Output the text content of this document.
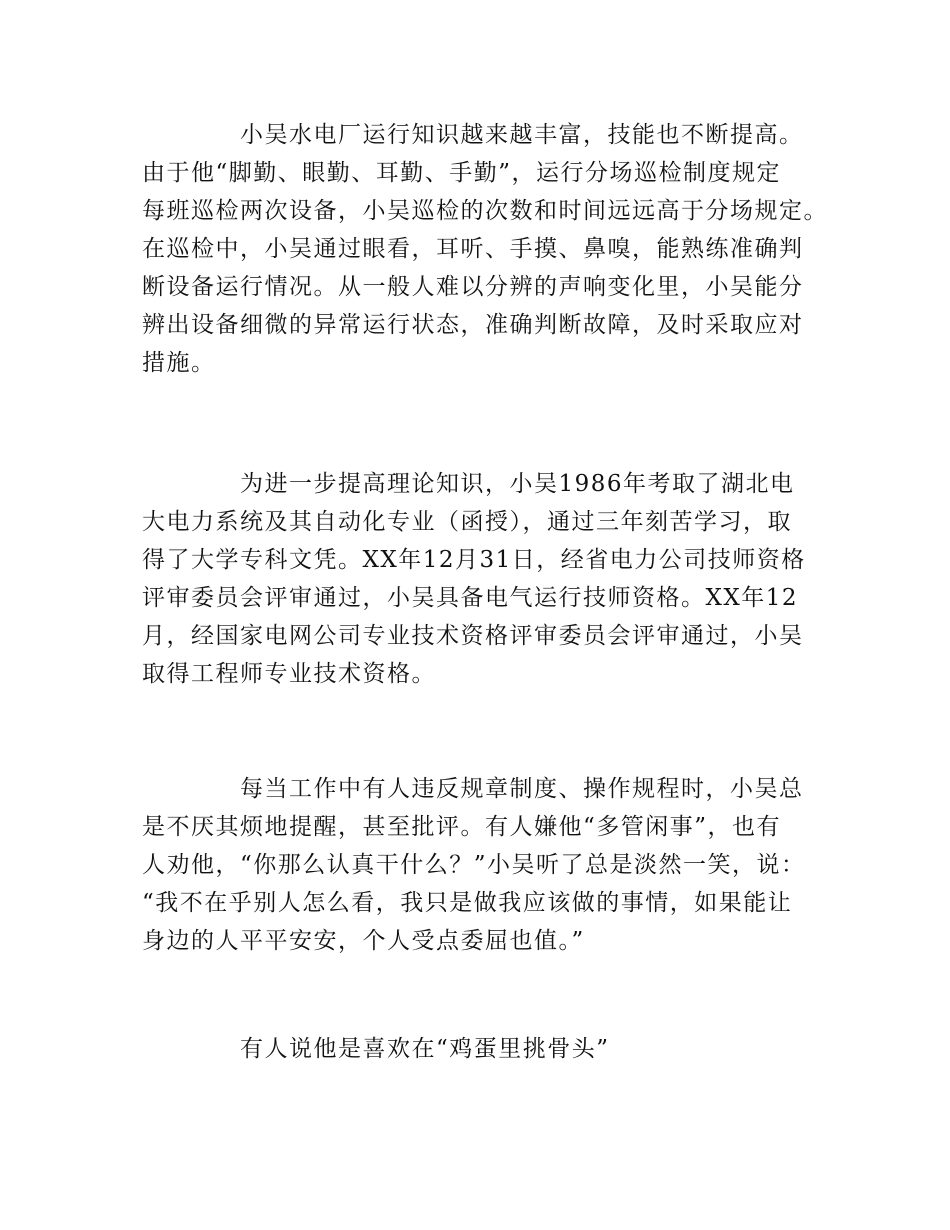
小吴水电厂运行知识越来越丰富，技能也不断提高。
由于他“脚勤、眼勤、耳勤、手勤”，运行分场巡检制度规定
每班巡检两次设备，小吴巡检的次数和时间远远高于分场规定。
在巡检中，小吴通过眼看，耳听、手摸、鼻嗅，能熟练准确判
断设备运行情况。从一般人难以分辨的声响变化里，小吴能分
辨出设备细微的异常运行状态，准确判断故障，及时采取应对
措施。
为进一步提高理论知识，小吴1986年考取了湖北电
大电力系统及其自动化专业（函授），通过三年刻苦学习，取
得了大学专科文凭。XX年12月31日，经省电力公司技师资格
评审委员会评审通过，小吴具备电气运行技师资格。XX年12
月，经国家电网公司专业技术资格评审委员会评审通过，小吴
取得工程师专业技术资格。
每当工作中有人违反规章制度、操作规程时，小吴总
是不厌其烦地提醒，甚至批评。有人嫌他“多管闲事”，也有
人劝他，“你那么认真干什么？”小吴听了总是淡然一笑，说：
“我不在乎别人怎么看，我只是做我应该做的事情，如果能让
身边的人平平安安，个人受点委屈也值。”
有人说他是喜欢在“鸡蛋里挑骨头”
